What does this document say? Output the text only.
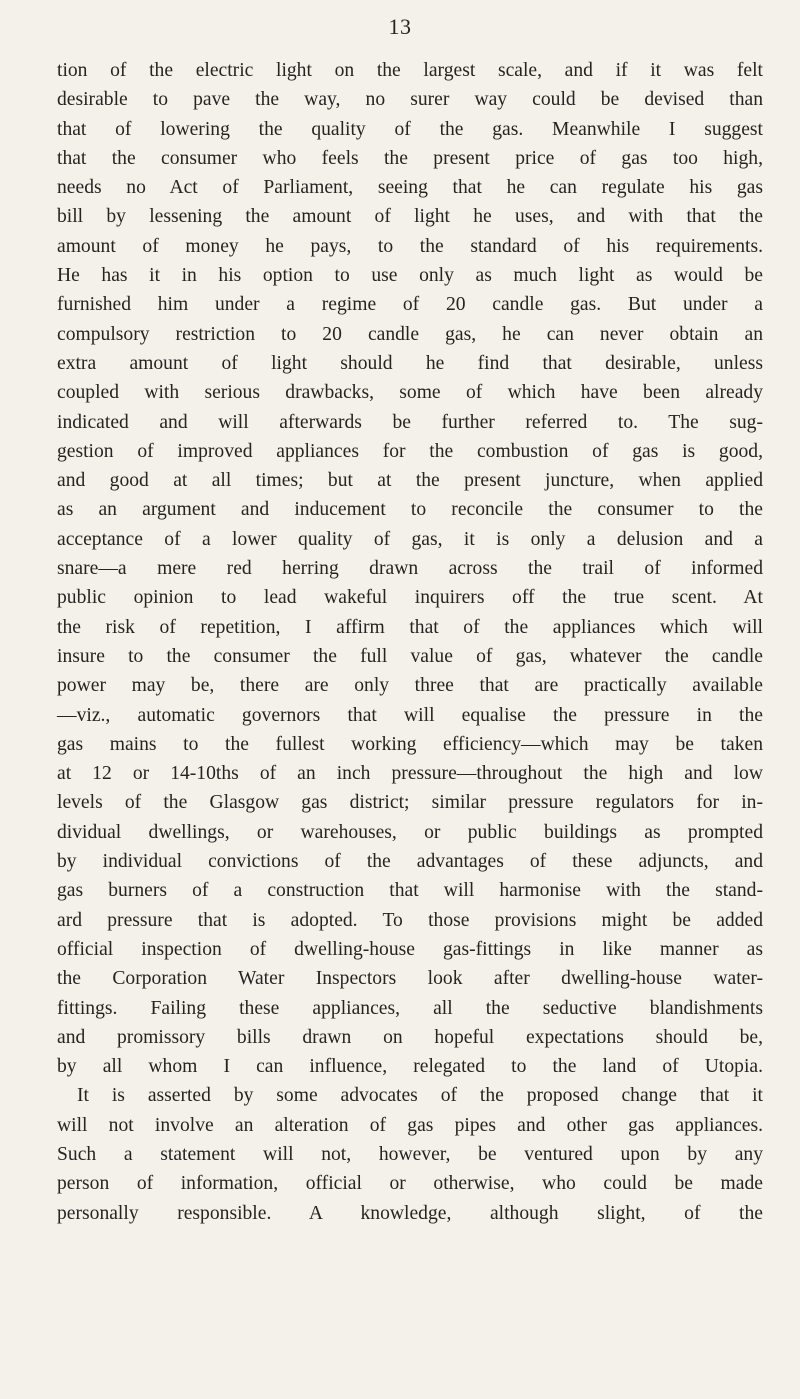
13
tion of the electric light on the largest scale, and if it was felt
desirable to pave the way, no surer way could be devised than
that of lowering the quality of the gas. Meanwhile I suggest
that the consumer who feels the present price of gas too high,
needs no Act of Parliament, seeing that he can regulate his gas
bill by lessening the amount of light he uses, and with that the
amount of money he pays, to the standard of his requirements.
He has it in his option to use only as much light as would be
furnished him under a regime of 20 candle gas. But under a
compulsory restriction to 20 candle gas, he can never obtain an
extra amount of light should he find that desirable, unless
coupled with serious drawbacks, some of which have been already
indicated and will afterwards be further referred to. The sug-
gestion of improved appliances for the combustion of gas is good,
and good at all times; but at the present juncture, when applied
as an argument and inducement to reconcile the consumer to the
acceptance of a lower quality of gas, it is only a delusion and a
snare—a mere red herring drawn across the trail of informed
public opinion to lead wakeful inquirers off the true scent. At
the risk of repetition, I affirm that of the appliances which will
insure to the consumer the full value of gas, whatever the candle
power may be, there are only three that are practically available
—viz., automatic governors that will equalise the pressure in the
gas mains to the fullest working efficiency—which may be taken
at 12 or 14-10ths of an inch pressure—throughout the high and low
levels of the Glasgow gas district; similar pressure regulators for in-
dividual dwellings, or warehouses, or public buildings as prompted
by individual convictions of the advantages of these adjuncts, and
gas burners of a construction that will harmonise with the stand-
ard pressure that is adopted. To those provisions might be added
official inspection of dwelling-house gas-fittings in like manner as
the Corporation Water Inspectors look after dwelling-house water-
fittings. Failing these appliances, all the seductive blandishments
and promissory bills drawn on hopeful expectations should be,
by all whom I can influence, relegated to the land of Utopia.
It is asserted by some advocates of the proposed change that it
will not involve an alteration of gas pipes and other gas appliances.
Such a statement will not, however, be ventured upon by any
person of information, official or otherwise, who could be made
personally responsible. A knowledge, although slight, of the
